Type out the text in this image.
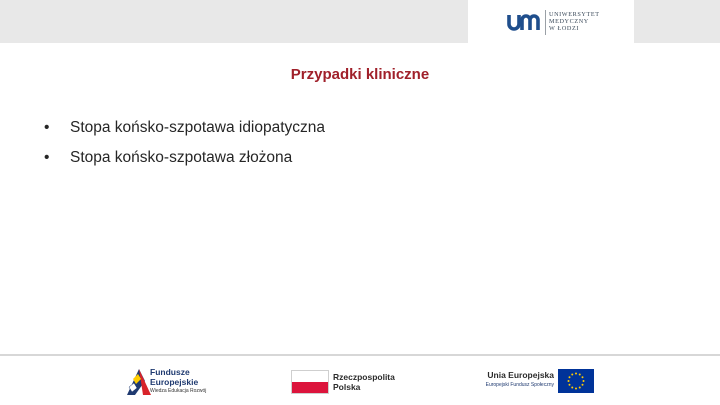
UNIWERSYTET
MEDYCZNY
W ŁODZI
Przypadki kliniczne
• Stopa końsko-szpotawa idiopatyczna
• Stopa końsko-szpotawa złożona
Fundusze
Europejskie
Wiedza Edukacja Rozwój
Rzeczpospolita
Polska
Unia Europejska
Europejski Fundusz Społeczny
